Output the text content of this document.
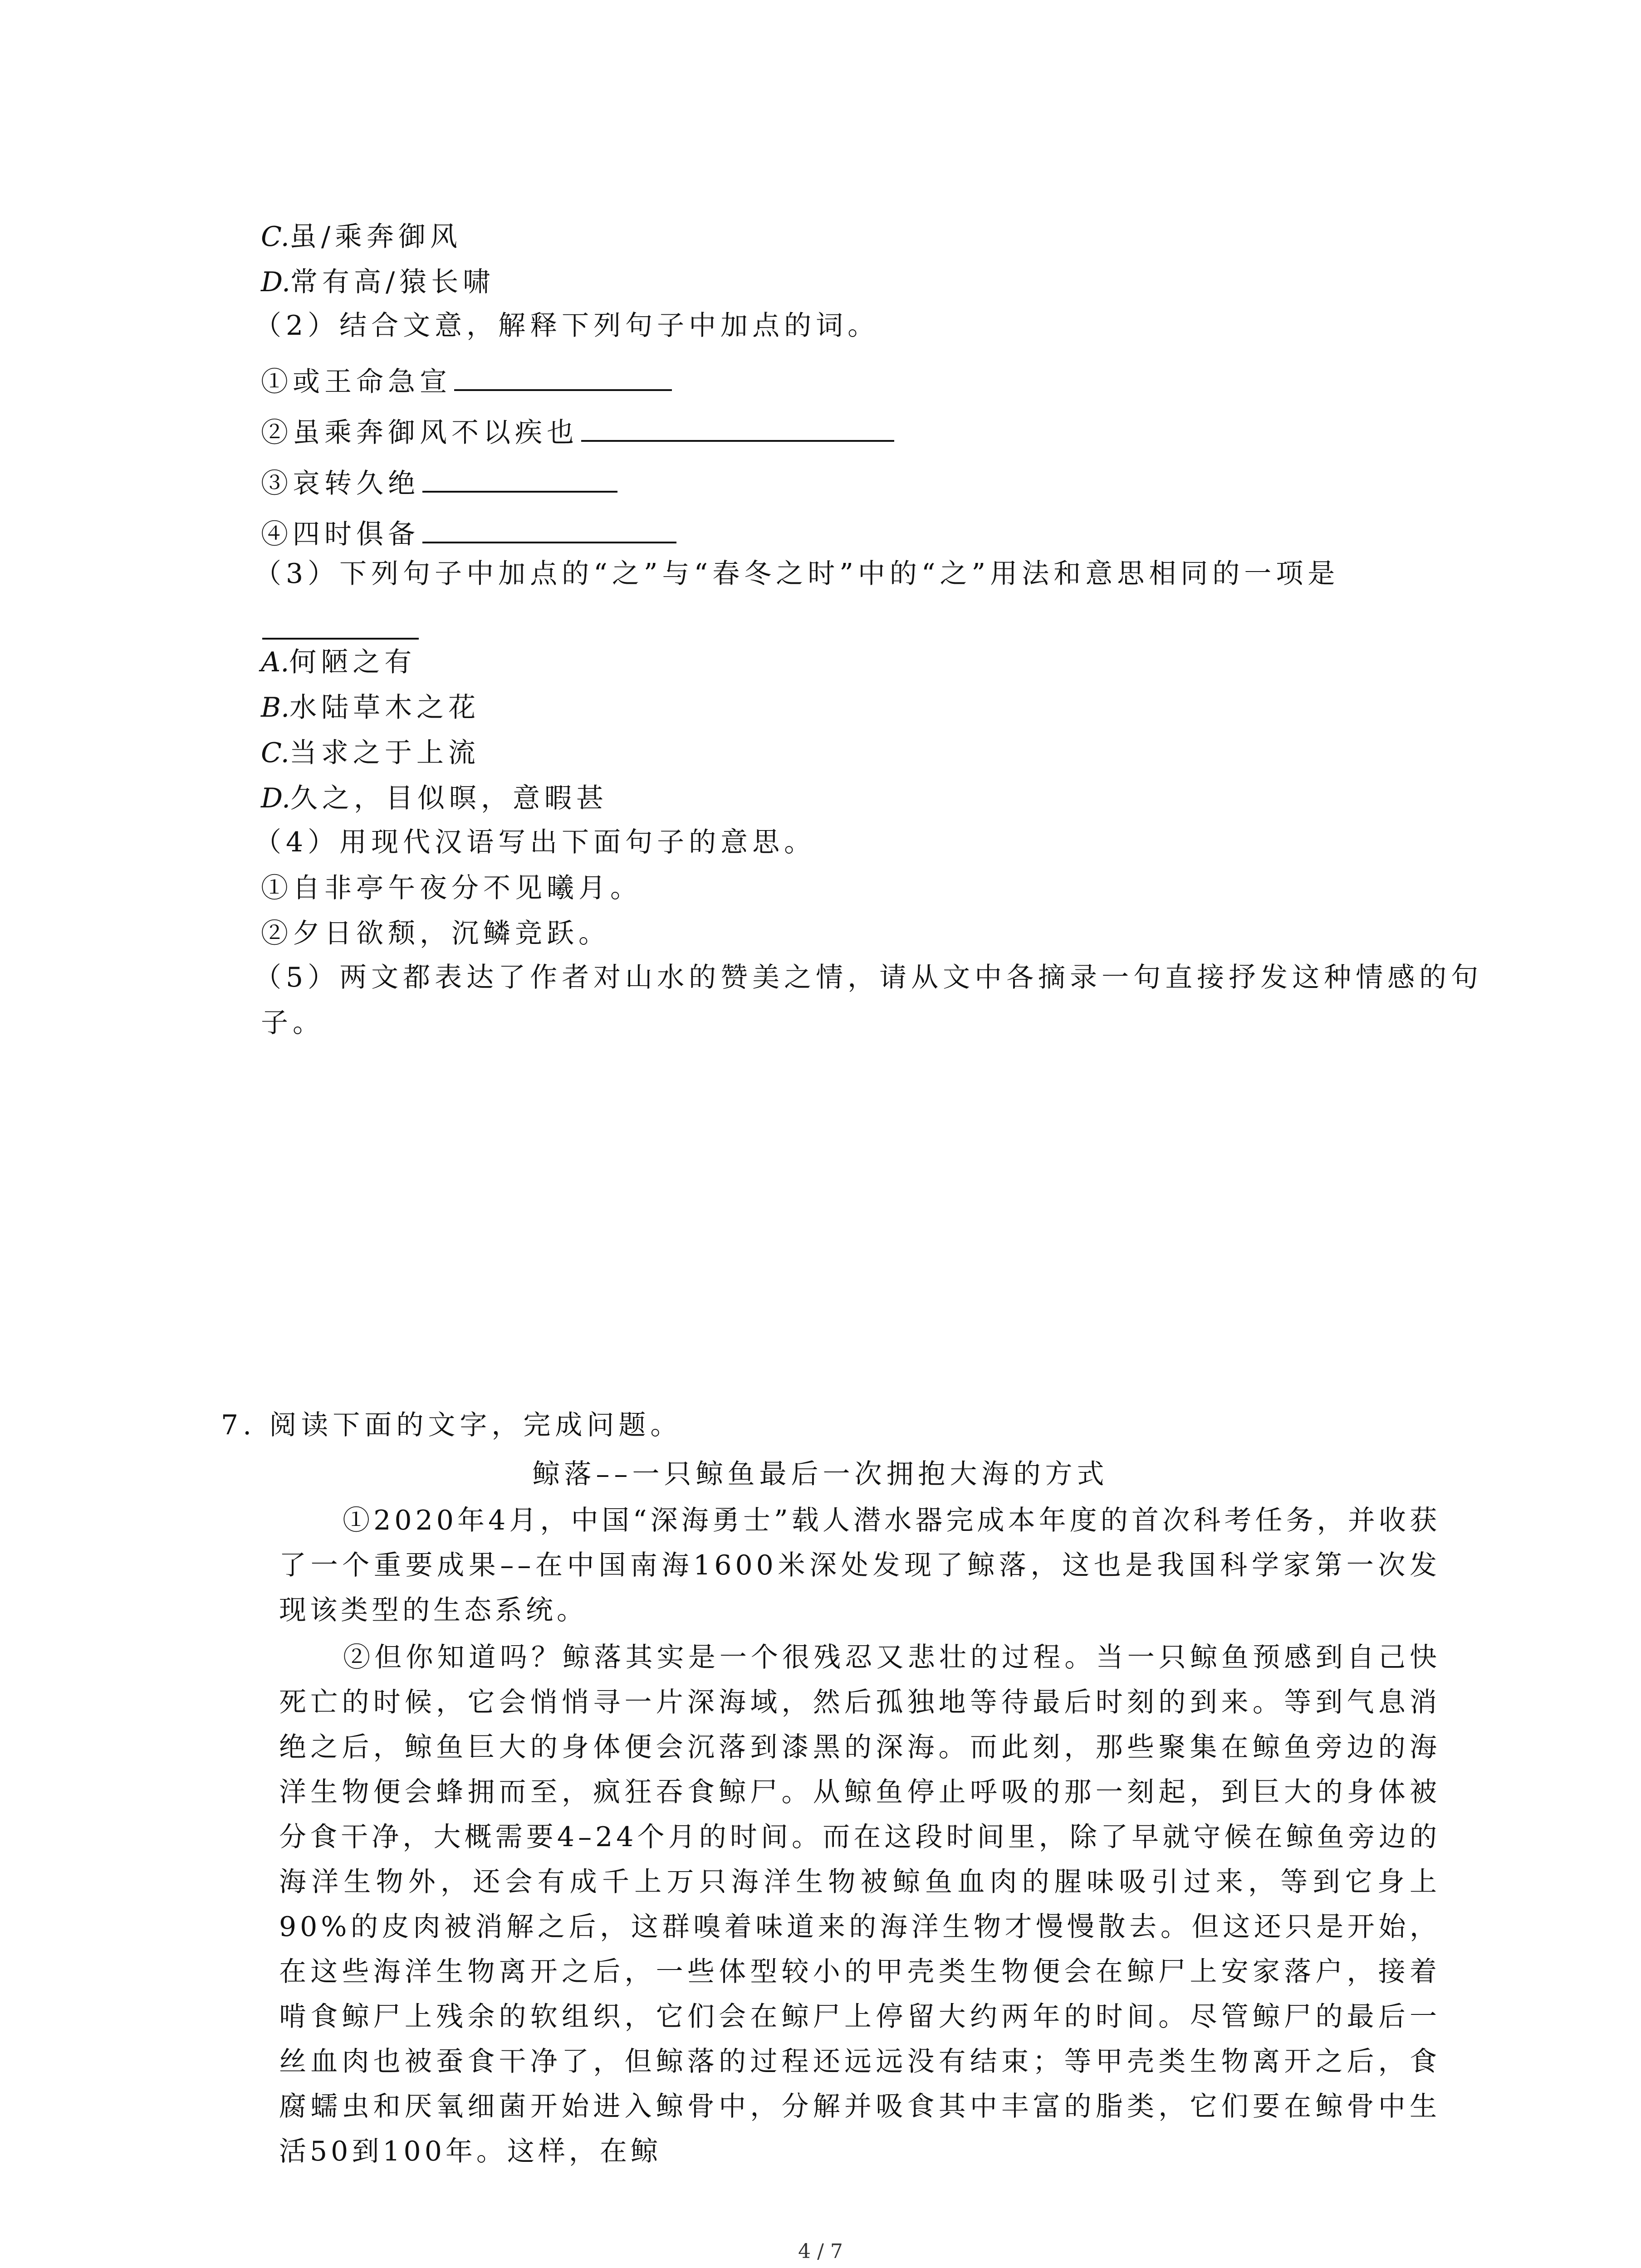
C.虽/乘奔御风
D.常有高/猿长啸
（2）结合文意，解释下列句子中加点的词。
①或王命急宣
②虽乘奔御风不以疾也
③哀转久绝
④四时俱备
（3）下列句子中加点的“之”与“春冬之时”中的“之”用法和意思相同的一项是
A.何陋之有
B.水陆草木之花
C.当求之于上流
D.久之，目似暝，意暇甚
（4）用现代汉语写出下面句子的意思。
①自非亭午夜分不见曦月。
②夕日欲颓，沉鳞竞跃。
（5）两文都表达了作者对山水的赞美之情，请从文中各摘录一句直接抒发这种情感的句
子。
7. 阅读下面的文字，完成问题。
鲸落––一只鲸鱼最后一次拥抱大海的方式
①2020年4月，中国“深海勇士”载人潜水器完成本年度的首次科考任务，并收获了一个重要成果––在中国南海1600米深处发现了鲸落，这也是我国科学家第一次发现该类型的生态系统。
②但你知道吗？鲸落其实是一个很残忍又悲壮的过程。当一只鲸鱼预感到自己快死亡的时候，它会悄悄寻一片深海域，然后孤独地等待最后时刻的到来。等到气息消绝之后，鲸鱼巨大的身体便会沉落到漆黑的深海。而此刻，那些聚集在鲸鱼旁边的海洋生物便会蜂拥而至，疯狂吞食鲸尸。从鲸鱼停止呼吸的那一刻起，到巨大的身体被分食干净，大概需要4–24个月的时间。而在这段时间里，除了早就守候在鲸鱼旁边的海洋生物外，还会有成千上万只海洋生物被鲸鱼血肉的腥味吸引过来，等到它身上90%的皮肉被消解之后，这群嗅着味道来的海洋生物才慢慢散去。但这还只是开始，在这些海洋生物离开之后，一些体型较小的甲壳类生物便会在鲸尸上安家落户，接着啃食鲸尸上残余的软组织，它们会在鲸尸上停留大约两年的时间。尽管鲸尸的最后一丝血肉也被蚕食干净了，但鲸落的过程还远远没有结束；等甲壳类生物离开之后，食腐蠕虫和厌氧细菌开始进入鲸骨中，分解并吸食其中丰富的脂类，它们要在鲸骨中生活50到100年。这样，在鲸
4 / 7
